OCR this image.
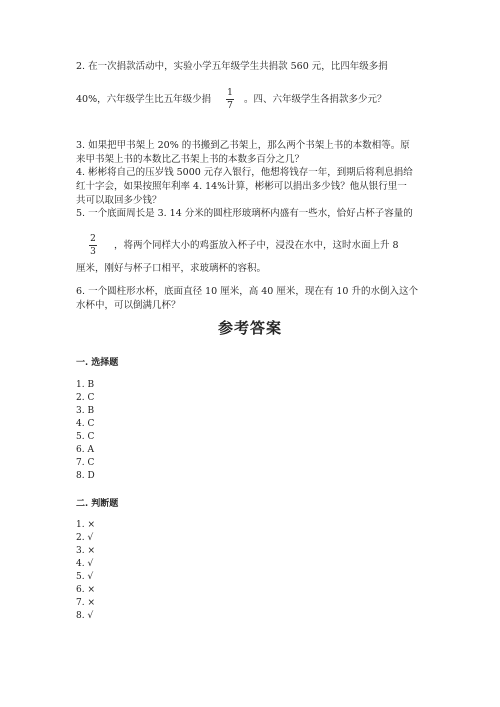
2. 在一次捐款活动中，实验小学五年级学生共捐款 560 元，比四年级多捐
40%，六年级学生比五年级少捐
1
7
。四、六年级学生各捐款多少元？
3. 如果把甲书架上 20% 的书搬到乙书架上，那么两个书架上书的本数相等。原
来甲书架上书的本数比乙书架上书的本数多百分之几？
4. 彬彬将自己的压岁钱 5000 元存入银行，他想将钱存一年，到期后将利息捐给
红十字会，如果按照年利率 4. 14%计算，彬彬可以捐出多少钱？他从银行里一
共可以取回多少钱？
5. 一个底面周长是 3. 14 分米的圆柱形玻璃杯内盛有一些水，恰好占杯子容量的
2
3
，将两个同样大小的鸡蛋放入杯子中，浸没在水中，这时水面上升 8
厘米，刚好与杯子口相平，求玻璃杯的容积。
6. 一个圆柱形水杯，底面直径 10 厘米，高 40 厘米，现在有 10 升的水倒入这个
水杯中，可以倒满几杯？
参考答案
一. 选择题
1. B
2. C
3. B
4. C
5. C
6. A
7. C
8. D
二. 判断题
1. ×
2. √
3. ×
4. √
5. √
6. ×
7. ×
8. √
